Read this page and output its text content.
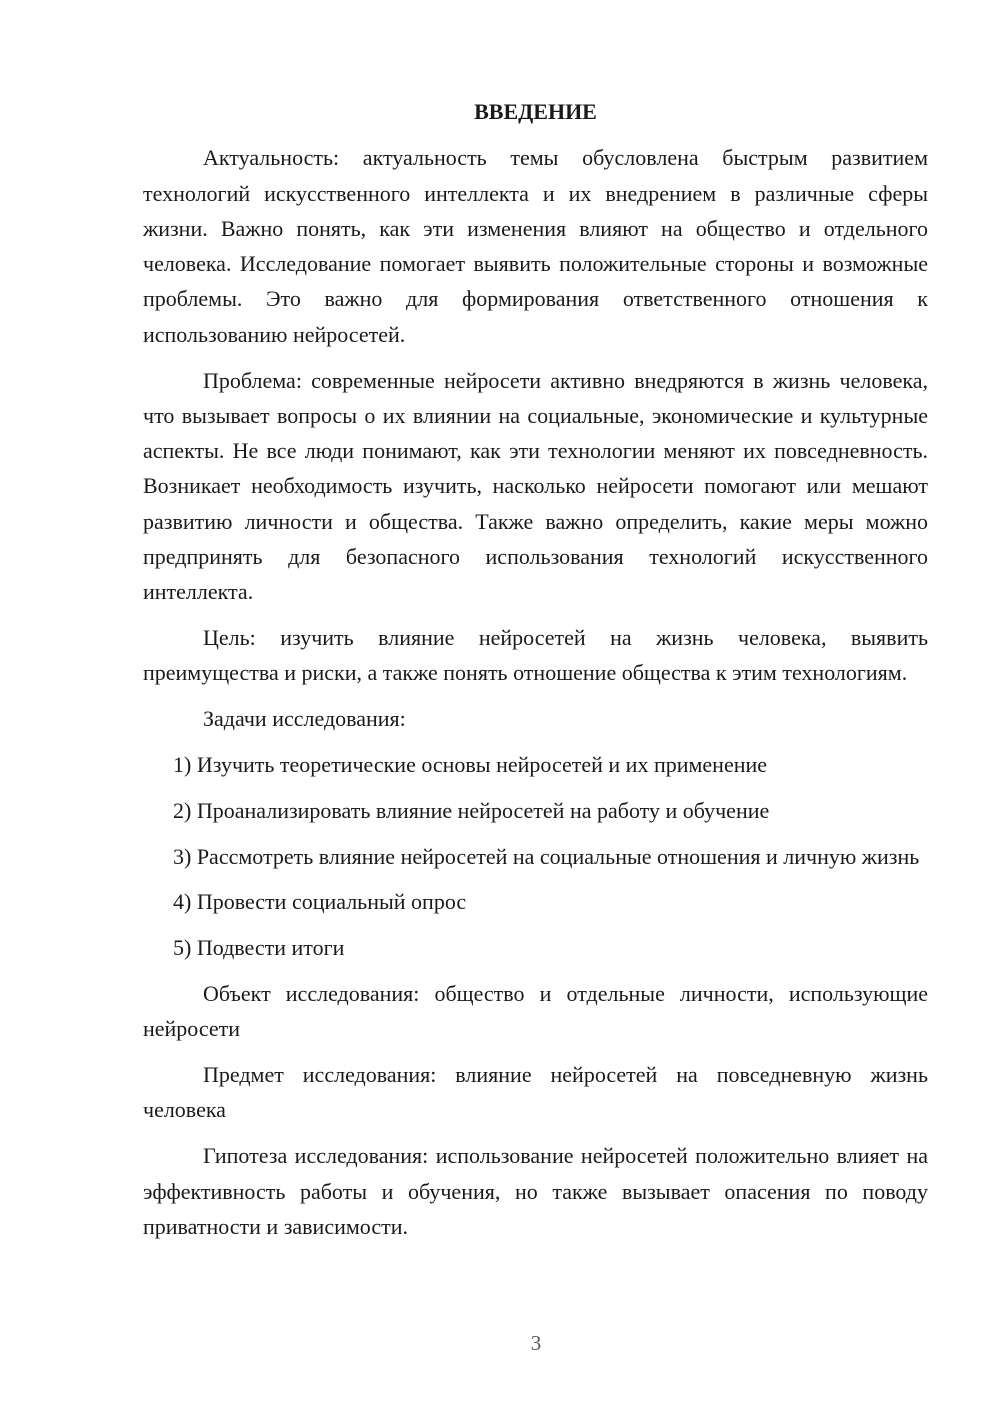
ВВЕДЕНИЕ

Актуальность: актуальность темы обусловлена быстрым развитием технологий искусственного интеллекта и их внедрением в различные сферы жизни. Важно понять, как эти изменения влияют на общество и отдельного человека. Исследование помогает выявить положительные стороны и возможные проблемы. Это важно для формирования ответственного отношения к использованию нейросетей.

Проблема: современные нейросети активно внедряются в жизнь человека, что вызывает вопросы о их влиянии на социальные, экономические и культурные аспекты. Не все люди понимают, как эти технологии меняют их повседневность. Возникает необходимость изучить, насколько нейросети помогают или мешают развитию личности и общества. Также важно определить, какие меры можно предпринять для безопасного использования технологий искусственного интеллекта.

Цель: изучить влияние нейросетей на жизнь человека, выявить преимущества и риски, а также понять отношение общества к этим технологиям.

Задачи исследования:

1) Изучить теоретические основы нейросетей и их применение

2) Проанализировать влияние нейросетей на работу и обучение

3) Рассмотреть влияние нейросетей на социальные отношения и личную жизнь

4) Провести социальный опрос

5) Подвести итоги

Объект исследования: общество и отдельные личности, использующие нейросети

Предмет исследования: влияние нейросетей на повседневную жизнь человека

Гипотеза исследования: использование нейросетей положительно влияет на эффективность работы и обучения, но также вызывает опасения по поводу приватности и зависимости.

3
